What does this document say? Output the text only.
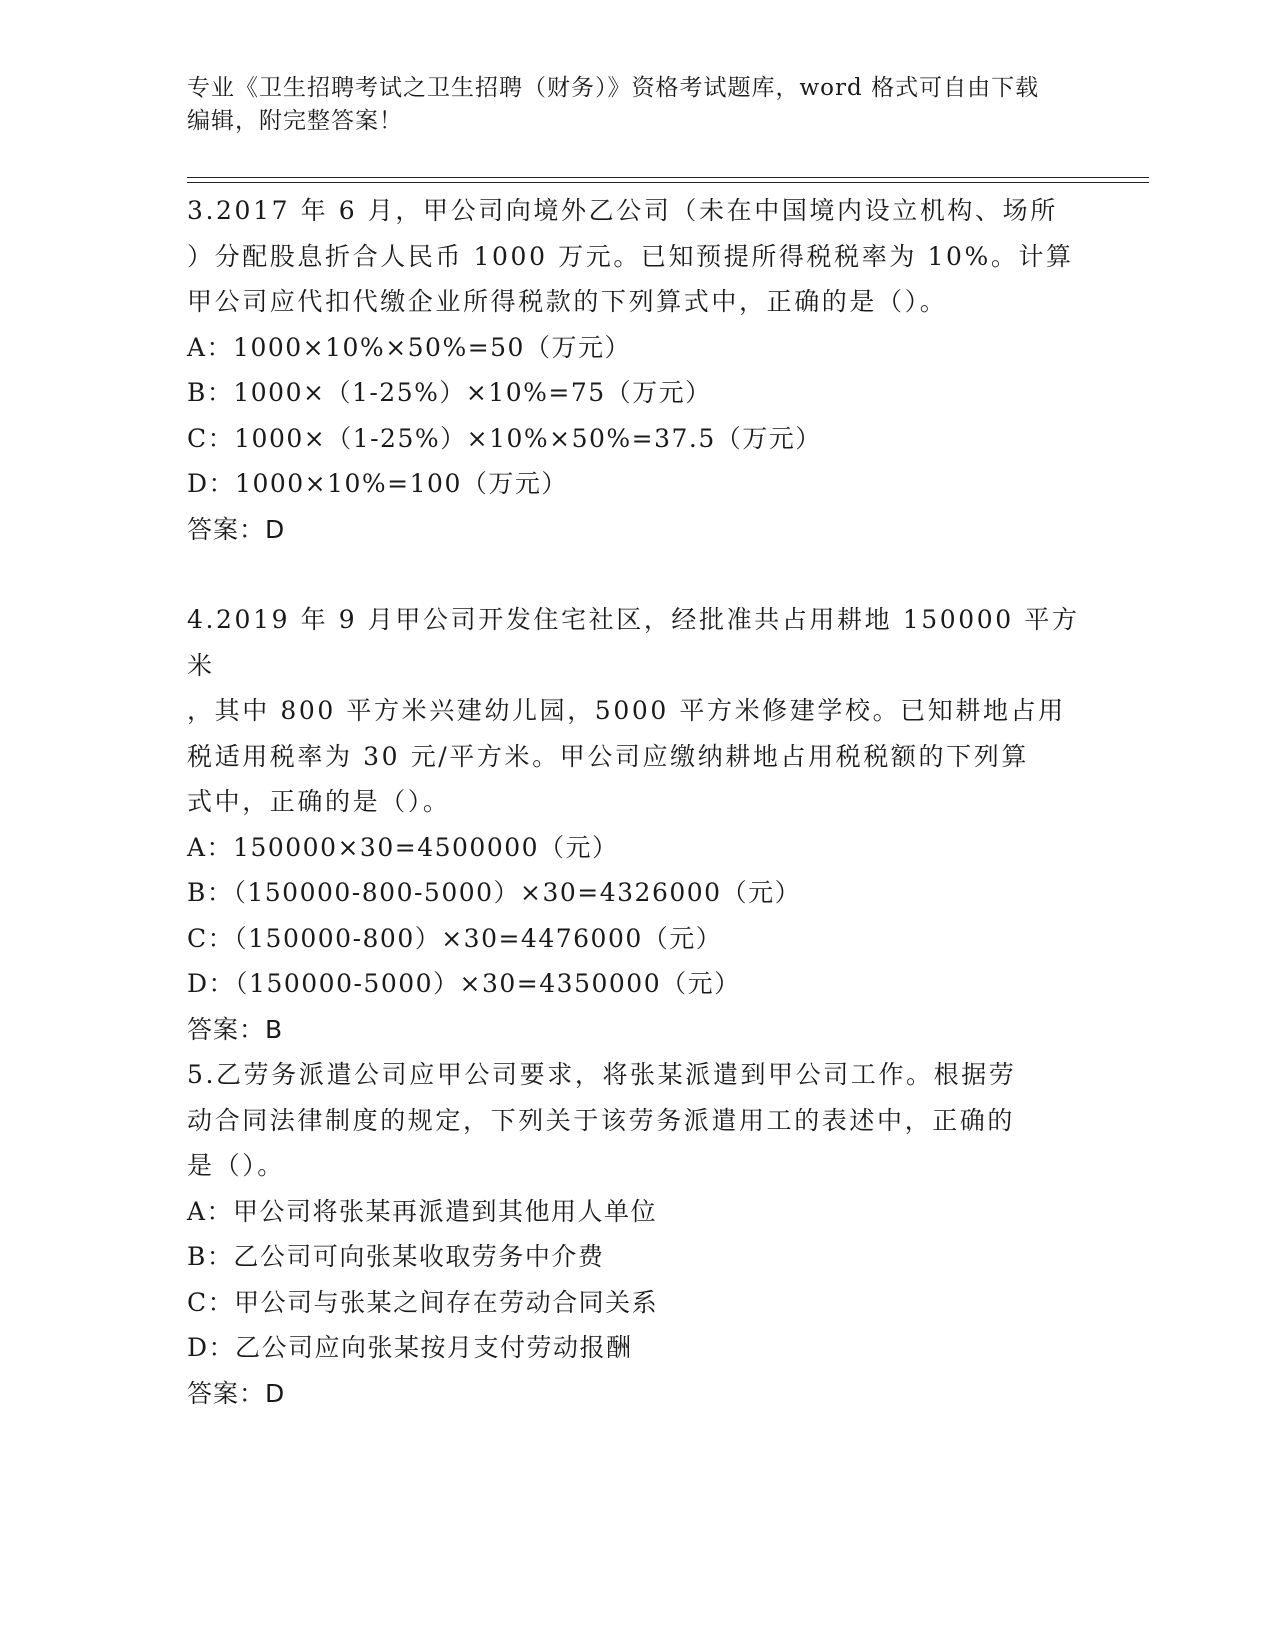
专业《卫生招聘考试之卫生招聘（财务）》资格考试题库，word 格式可自由下载
编辑，附完整答案！

3.2017 年 6 月，甲公司向境外乙公司（未在中国境内设立机构、场所

）分配股息折合人民币 1000 万元。已知预提所得税税率为 10%。计算

甲公司应代扣代缴企业所得税款的下列算式中，正确的是（）。

A：1000×10%×50%=50（万元）

B：1000×（1-25%）×10%=75（万元）

C：1000×（1-25%）×10%×50%=37.5（万元）

D：1000×10%=100（万元）

答案：D

4.2019 年 9 月甲公司开发住宅社区，经批准共占用耕地 150000 平方米

，其中 800 平方米兴建幼儿园，5000 平方米修建学校。已知耕地占用

税适用税率为 30 元/平方米。甲公司应缴纳耕地占用税税额的下列算

式中，正确的是（）。

A：150000×30=4500000（元）

B：（150000-800-5000）×30=4326000（元）

C：（150000-800）×30=4476000（元）

D：（150000-5000）×30=4350000（元）

答案：B

5.乙劳务派遣公司应甲公司要求，将张某派遣到甲公司工作。根据劳

动合同法律制度的规定，下列关于该劳务派遣用工的表述中，正确的

是（）。

A：甲公司将张某再派遣到其他用人单位

B：乙公司可向张某收取劳务中介费

C：甲公司与张某之间存在劳动合同关系

D：乙公司应向张某按月支付劳动报酬

答案：D
